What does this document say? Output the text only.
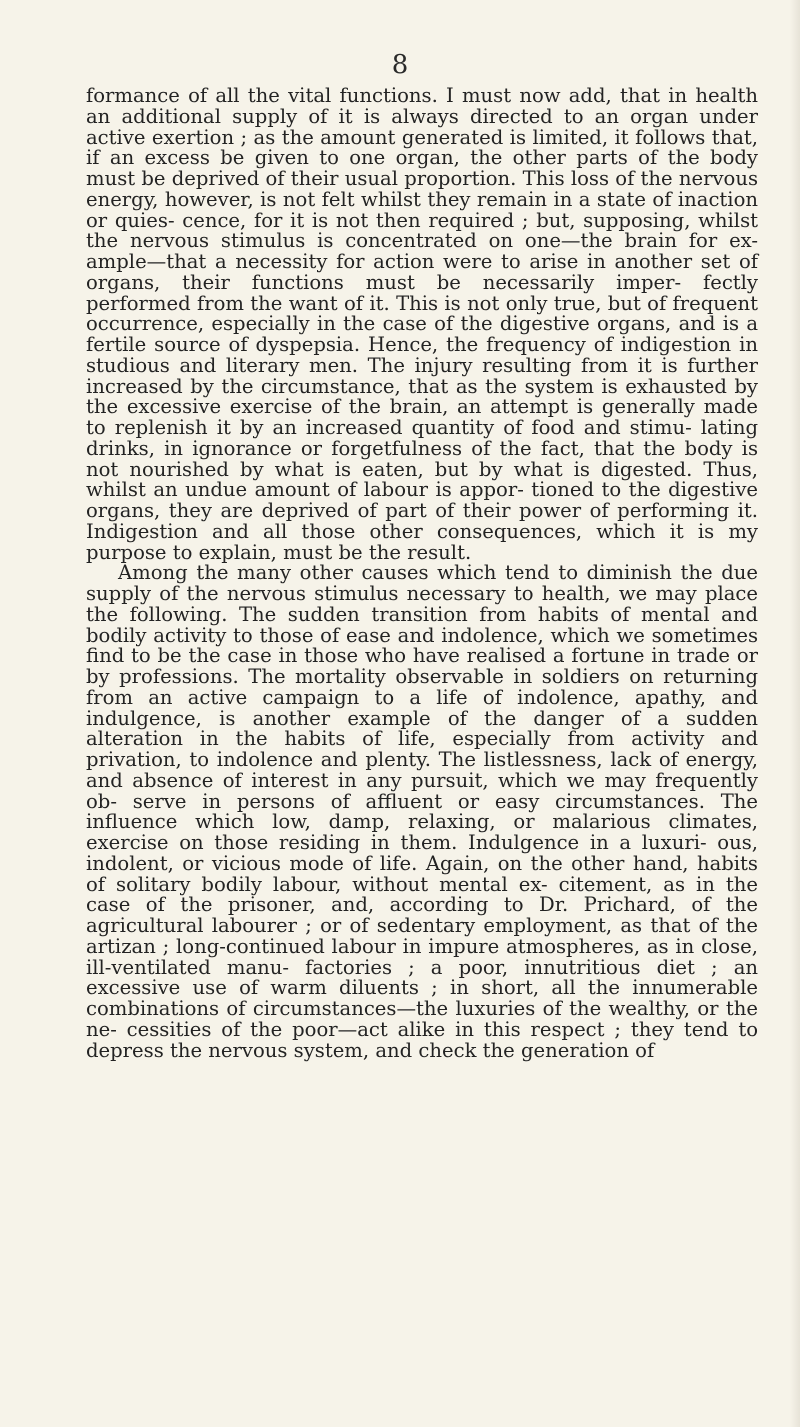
8

formance of all the vital functions. I must now add, that in health an additional supply of it is always directed to an organ under active exertion ; as the amount generated is limited, it follows that, if an excess be given to one organ, the other parts of the body must be deprived of their usual proportion. This loss of the nervous energy, however, is not felt whilst they remain in a state of inaction or quies- cence, for it is not then required ; but, supposing, whilst the nervous stimulus is concentrated on one—the brain for ex- ample—that a necessity for action were to arise in another set of organs, their functions must be necessarily imper- fectly performed from the want of it. This is not only true, but of frequent occurrence, especially in the case of the digestive organs, and is a fertile source of dyspepsia. Hence, the frequency of indigestion in studious and literary men. The injury resulting from it is further increased by the circumstance, that as the system is exhausted by the excessive exercise of the brain, an attempt is generally made to replenish it by an increased quantity of food and stimu- lating drinks, in ignorance or forgetfulness of the fact, that the body is not nourished by what is eaten, but by what is digested. Thus, whilst an undue amount of labour is appor- tioned to the digestive organs, they are deprived of part of their power of performing it. Indigestion and all those other consequences, which it is my purpose to explain, must be the result.

Among the many other causes which tend to diminish the due supply of the nervous stimulus necessary to health, we may place the following. The sudden transition from habits of mental and bodily activity to those of ease and indolence, which we sometimes find to be the case in those who have realised a fortune in trade or by professions. The mortality observable in soldiers on returning from an active campaign to a life of indolence, apathy, and indulgence, is another example of the danger of a sudden alteration in the habits of life, especially from activity and privation, to indolence and plenty. The listlessness, lack of energy, and absence of interest in any pursuit, which we may frequently ob- serve in persons of affluent or easy circumstances. The influence which low, damp, relaxing, or malarious climates, exercise on those residing in them. Indulgence in a luxuri- ous, indolent, or vicious mode of life. Again, on the other hand, habits of solitary bodily labour, without mental ex- citement, as in the case of the prisoner, and, according to Dr. Prichard, of the agricultural labourer ; or of sedentary employment, as that of the artizan ; long-continued labour in impure atmospheres, as in close, ill-ventilated manu- factories ; a poor, innutritious diet ; an excessive use of warm diluents ; in short, all the innumerable combinations of circumstances—the luxuries of the wealthy, or the ne- cessities of the poor—act alike in this respect ; they tend to depress the nervous system, and check the generation of
